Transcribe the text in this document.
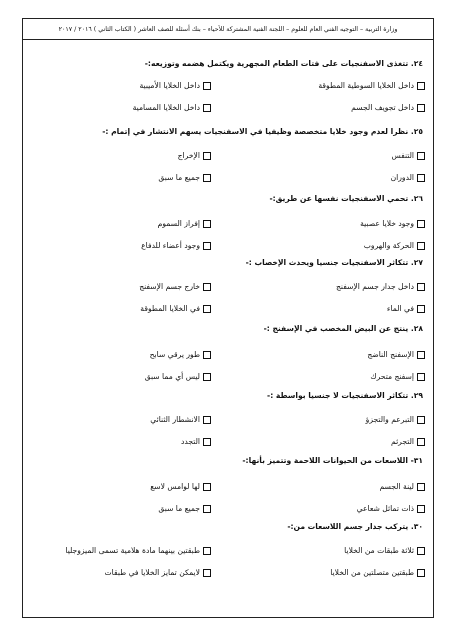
وزارة التربية – التوجيه الفني العام للعلوم – اللجنة الفنية المشتركة للأحياء – بنك أسئلة للصف العاشر ( الكتاب الثاني ) ٢٠١٦ / ٢٠١٧
٢٤. تتغذى الاسفنجيات على فتات الطعام المجهرية ويكتمل هضمه وتوزيعه:-
داخل الخلايا السوطية المطوقة
داخل الخلايا الأميبية
داخل تجويف الجسم
داخل الخلايا المسامية
٢٥. نظرا لعدم وجود خلايا متخصصة وظيفيا في الاسفنجيات يسهم الانتشار في إتمام :-
التنفس
الإخراج
الدوران
جميع ما سبق
٢٦. تحمي الاسفنجيات نفسها عن طريق:-
وجود خلايا عصبية
إفراز السموم
الحركة والهروب
وجود أعضاء للدفاع
٢٧. تتكاثر الاسفنجيات جنسيا ويحدث الإخصاب :-
داخل جدار جسم الإسفنج
خارج جسم الإسفنج
في الماء
في الخلايا المطوقة
٢٨. ينتج عن البيض المخصب في الإسفنج :-
الإسفنج الناضج
طور يرقي سابح
إسفنج متحرك
ليس أي مما سبق
٢٩. تتكاثر الاسفنجيات لا جنسيا بواسطة :-
التبرعم والتجزؤ
الانشطار الثنائي
التجرثم
التجدد
٣١- اللاسعات من الحيوانات اللاحمة وتتميز بأنها:-
لينة الجسم
لها لوامس لاسع
ذات تماثل شعاعي
جميع ما سبق
٣٠. يتركب جدار جسم اللاسعات من:-
ثلاثة طبقات من الخلايا
طبقتين بينهما مادة هلامية تسمى الميزوجليا
طبقتين متصلتين من الخلايا
لايمكن تمايز الخلايا في طبقات
